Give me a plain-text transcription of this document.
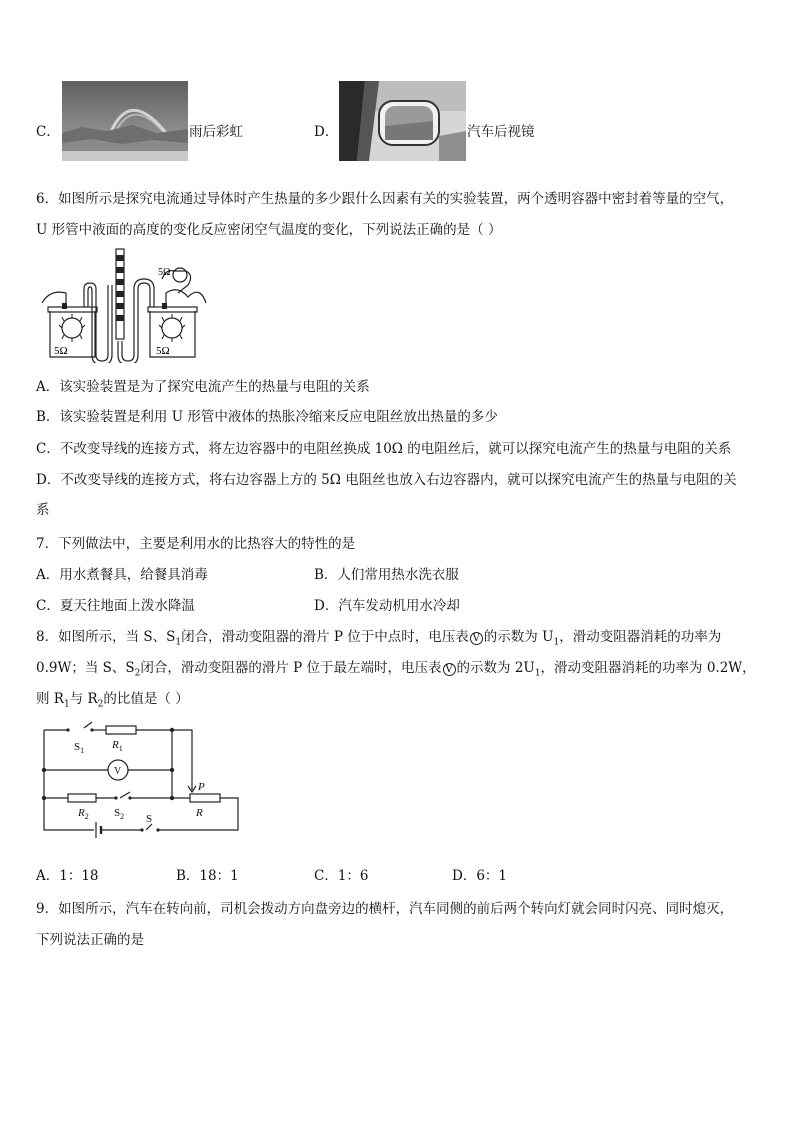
C．	雨后彩虹	D．	汽车后视镜
6．如图所示是探究电流通过导体时产生热量的多少跟什么因素有关的实验装置，两个透明容器中密封着等量的空气，
U 形管中液面的高度的变化反应密闭空气温度的变化，下列说法正确的是（ ）
5Ω	5Ω
5Ω
A．该实验装置是为了探究电流产生的热量与电阻的关系
B．该实验装置是利用 U 形管中液体的热胀冷缩来反应电阻丝放出热量的多少
C．不改变导线的连接方式，将左边容器中的电阻丝换成 10Ω 的电阻丝后，就可以探究电流产生的热量与电阻的关系
D．不改变导线的连接方式，将右边容器上方的 5Ω 电阻丝也放入右边容器内，就可以探究电流产生的热量与电阻的关
系
7．下列做法中，主要是利用水的比热容大的特性的是
A．用水煮餐具，给餐具消毒	B．人们常用热水洗衣服
C．夏天往地面上泼水降温	D．汽车发动机用水冷却
8．如图所示，当 S、$S_1$闭合，滑动变阻器的滑片 P 位于中点时，电压表 V 的示数为 $U_1$，滑动变阻器消耗的功率为
0.9W；当 S、$S_2$闭合，滑动变阻器的滑片 P 位于最左端时，电压表 V 的示数为 $2U_1$，滑动变阻器消耗的功率为 0.2W，
则 $R_1$与 $R_2$的比值是（ ）
$S_1$	$R_1$
V
P
$R_2$ $S_2$ S	R
A．1：18	B．18：1	C．1：6	D．6：1
9．如图所示，汽车在转向前，司机会拨动方向盘旁边的横杆，汽车同侧的前后两个转向灯就会同时闪亮、同时熄灭，
下列说法正确的是
